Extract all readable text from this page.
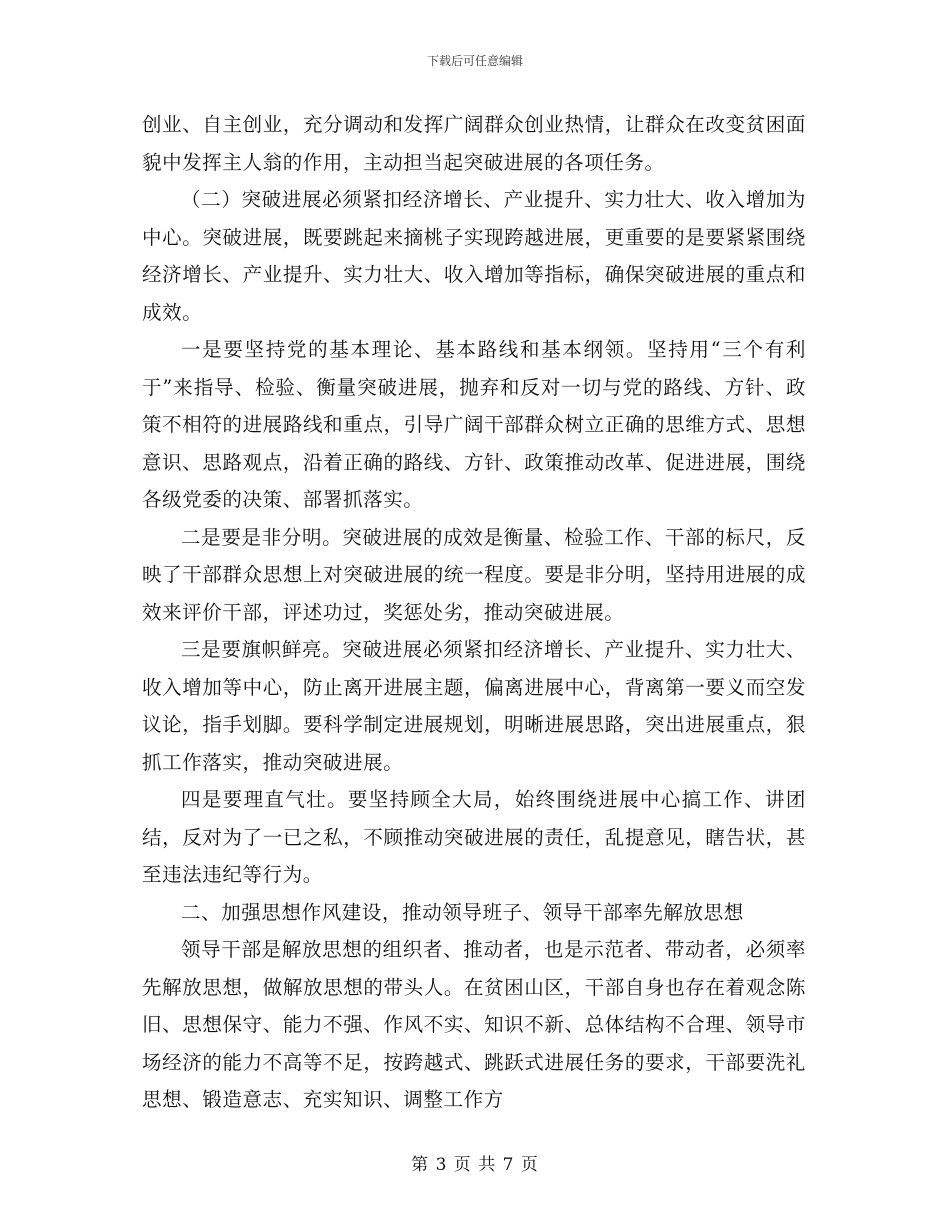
下载后可任意编辑

创业、自主创业，充分调动和发挥广阔群众创业热情，让群众在改变贫困面貌中发挥主人翁的作用，主动担当起突破进展的各项任务。

（二）突破进展必须紧扣经济增长、产业提升、实力壮大、收入增加为中心。突破进展，既要跳起来摘桃子实现跨越进展，更重要的是要紧紧围绕经济增长、产业提升、实力壮大、收入增加等指标，确保突破进展的重点和成效。

一是要坚持党的基本理论、基本路线和基本纲领。坚持用“三个有利于”来指导、检验、衡量突破进展，抛弃和反对一切与党的路线、方针、政策不相符的进展路线和重点，引导广阔干部群众树立正确的思维方式、思想意识、思路观点，沿着正确的路线、方针、政策推动改革、促进进展，围绕各级党委的决策、部署抓落实。

二是要是非分明。突破进展的成效是衡量、检验工作、干部的标尺，反映了干部群众思想上对突破进展的统一程度。要是非分明，坚持用进展的成效来评价干部，评述功过，奖惩处劣，推动突破进展。

三是要旗帜鲜亮。突破进展必须紧扣经济增长、产业提升、实力壮大、收入增加等中心，防止离开进展主题，偏离进展中心，背离第一要义而空发议论，指手划脚。要科学制定进展规划，明晰进展思路，突出进展重点，狠抓工作落实，推动突破进展。

四是要理直气壮。要坚持顾全大局，始终围绕进展中心搞工作、讲团结，反对为了一已之私，不顾推动突破进展的责任，乱提意见，瞎告状，甚至违法违纪等行为。

二、加强思想作风建设，推动领导班子、领导干部率先解放思想

领导干部是解放思想的组织者、推动者，也是示范者、带动者，必须率先解放思想，做解放思想的带头人。在贫困山区，干部自身也存在着观念陈旧、思想保守、能力不强、作风不实、知识不新、总体结构不合理、领导市场经济的能力不高等不足，按跨越式、跳跃式进展任务的要求，干部要洗礼思想、锻造意志、充实知识、调整工作方

第 3 页 共 7 页
